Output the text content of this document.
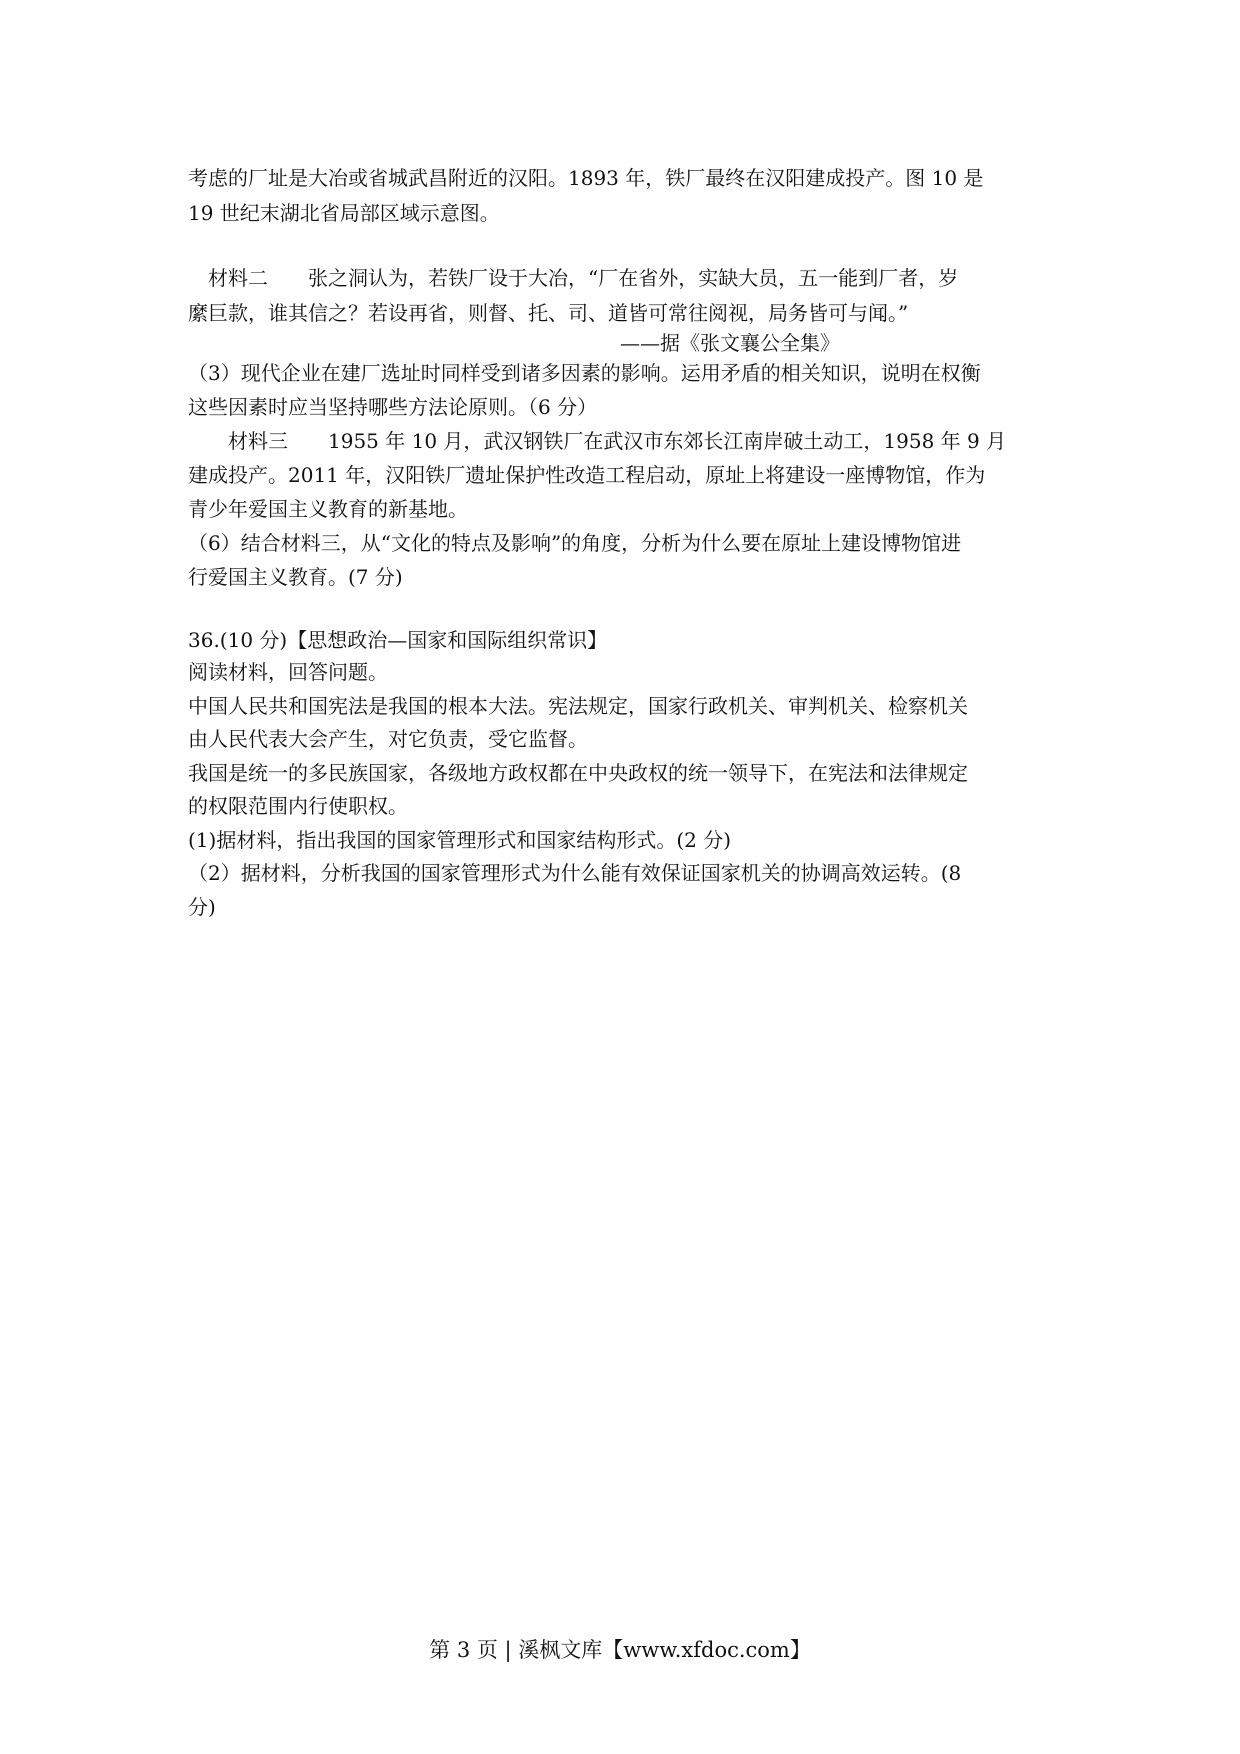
考虑的厂址是大冶或省城武昌附近的汉阳。1893 年，铁厂最终在汉阳建成投产。图 10 是
19 世纪末湖北省局部区域示意图。
　材料二　　张之洞认为，若铁厂设于大冶，“厂在省外，实缺大员，五一能到厂者，岁
縻巨款，谁其信之？若设再省，则督、托、司、道皆可常往阅视，局务皆可与闻。”
——据《张文襄公全集》
（3）现代企业在建厂选址时同样受到诸多因素的影响。运用矛盾的相关知识，说明在权衡
这些因素时应当坚持哪些方法论原则。（6 分）
　　材料三　　1955 年 10 月，武汉钢铁厂在武汉市东郊长江南岸破土动工，1958 年 9 月
建成投产。2011 年，汉阳铁厂遗址保护性改造工程启动，原址上将建设一座博物馆，作为
青少年爱国主义教育的新基地。
（6）结合材料三，从“文化的特点及影响”的角度，分析为什么要在原址上建设博物馆进
行爱国主义教育。(7 分)
36.(10 分)【思想政治—国家和国际组织常识】
阅读材料，回答问题。
中国人民共和国宪法是我国的根本大法。宪法规定，国家行政机关、审判机关、检察机关
由人民代表大会产生，对它负责，受它监督。
我国是统一的多民族国家，各级地方政权都在中央政权的统一领导下，在宪法和法律规定
的权限范围内行使职权。
(1)据材料，指出我国的国家管理形式和国家结构形式。(2 分)
（2）据材料，分析我国的国家管理形式为什么能有效保证国家机关的协调高效运转。(8
分)
第 3 页 | 溪枫文库【www.xfdoc.com】
